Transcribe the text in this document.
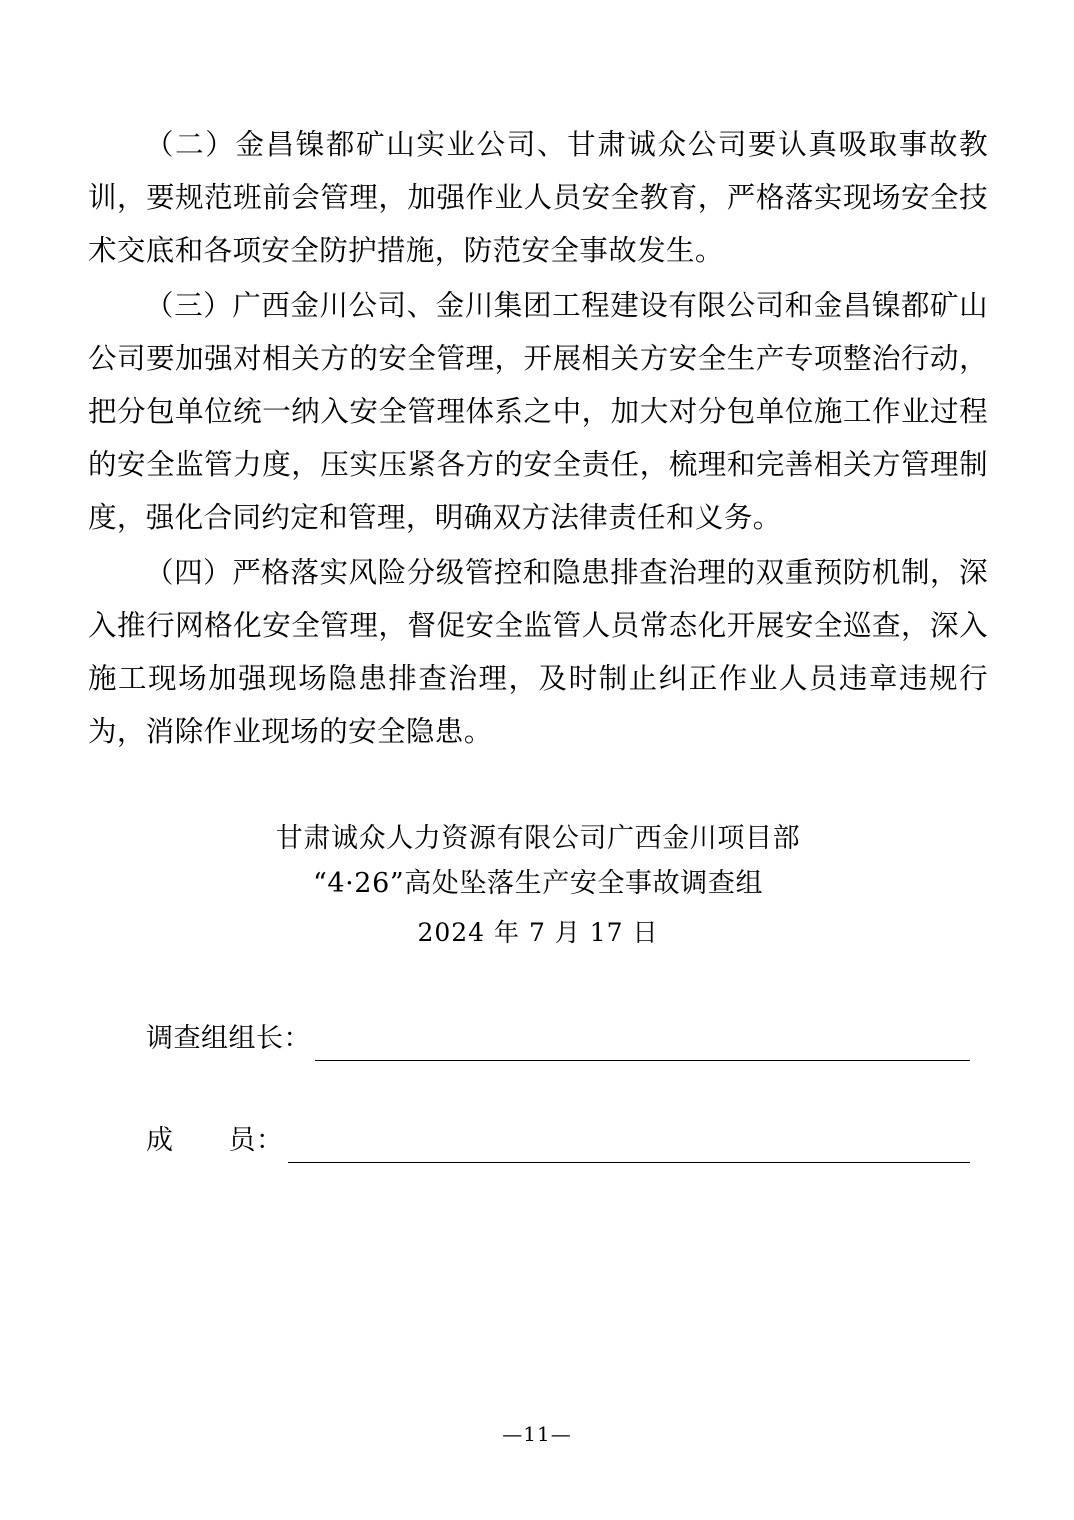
（二）金昌镍都矿山实业公司、甘肃诚众公司要认真吸取事故教训，要规范班前会管理，加强作业人员安全教育，严格落实现场安全技术交底和各项安全防护措施，防范安全事故发生。

（三）广西金川公司、金川集团工程建设有限公司和金昌镍都矿山公司要加强对相关方的安全管理，开展相关方安全生产专项整治行动，把分包单位统一纳入安全管理体系之中，加大对分包单位施工作业过程的安全监管力度，压实压紧各方的安全责任，梳理和完善相关方管理制度，强化合同约定和管理，明确双方法律责任和义务。

（四）严格落实风险分级管控和隐患排查治理的双重预防机制，深入推行网格化安全管理，督促安全监管人员常态化开展安全巡查，深入施工现场加强现场隐患排查治理，及时制止纠正作业人员违章违规行为，消除作业现场的安全隐患。

甘肃诚众人力资源有限公司广西金川项目部
“4·26”高处坠落生产安全事故调查组
2024 年 7 月 17 日
调查组组长：
成　　员：
—11—
